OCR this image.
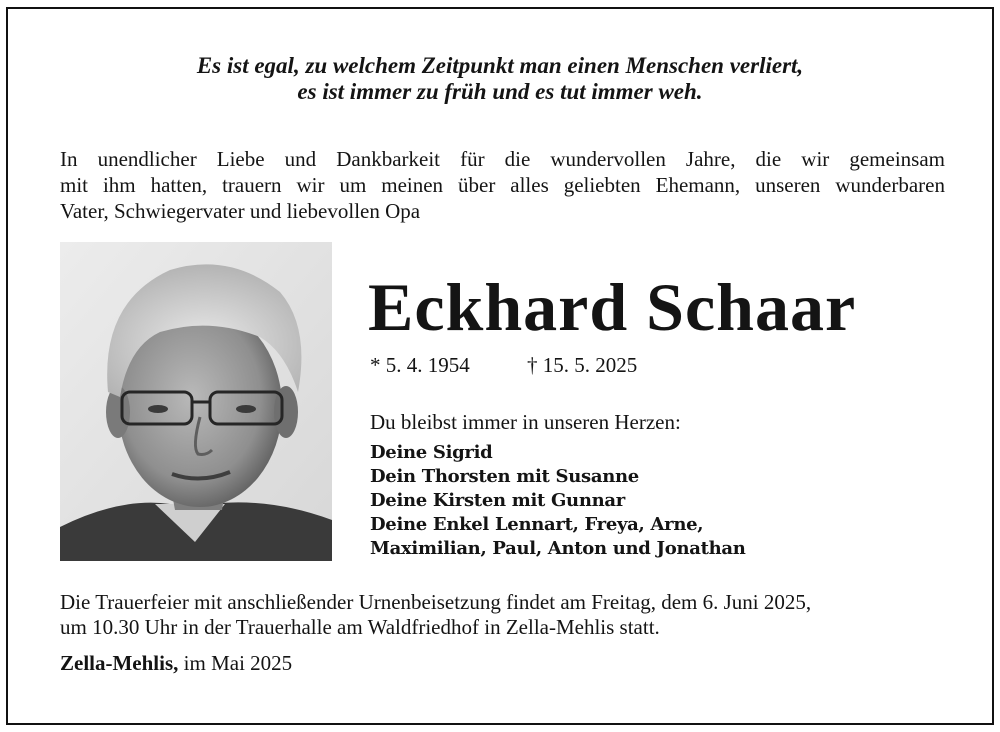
Es ist egal, zu welchem Zeitpunkt man einen Menschen verliert,
es ist immer zu früh und es tut immer weh.
In unendlicher Liebe und Dankbarkeit für die wundervollen Jahre, die wir gemeinsam
mit ihm hatten, trauern wir um meinen über alles geliebten Ehemann, unseren wunderbaren
Vater, Schwiegervater und liebevollen Opa
Eckhard Schaar
* 5. 4. 1954	† 15. 5. 2025
Du bleibst immer in unseren Herzen:
Deine Sigrid
Dein Thorsten mit Susanne
Deine Kirsten mit Gunnar
Deine Enkel Lennart, Freya, Arne,
Maximilian, Paul, Anton und Jonathan
Die Trauerfeier mit anschließender Urnenbeisetzung findet am Freitag, dem 6. Juni 2025,
um 10.30 Uhr in der Trauerhalle am Waldfriedhof in Zella-Mehlis statt.
Zella-Mehlis, im Mai 2025
